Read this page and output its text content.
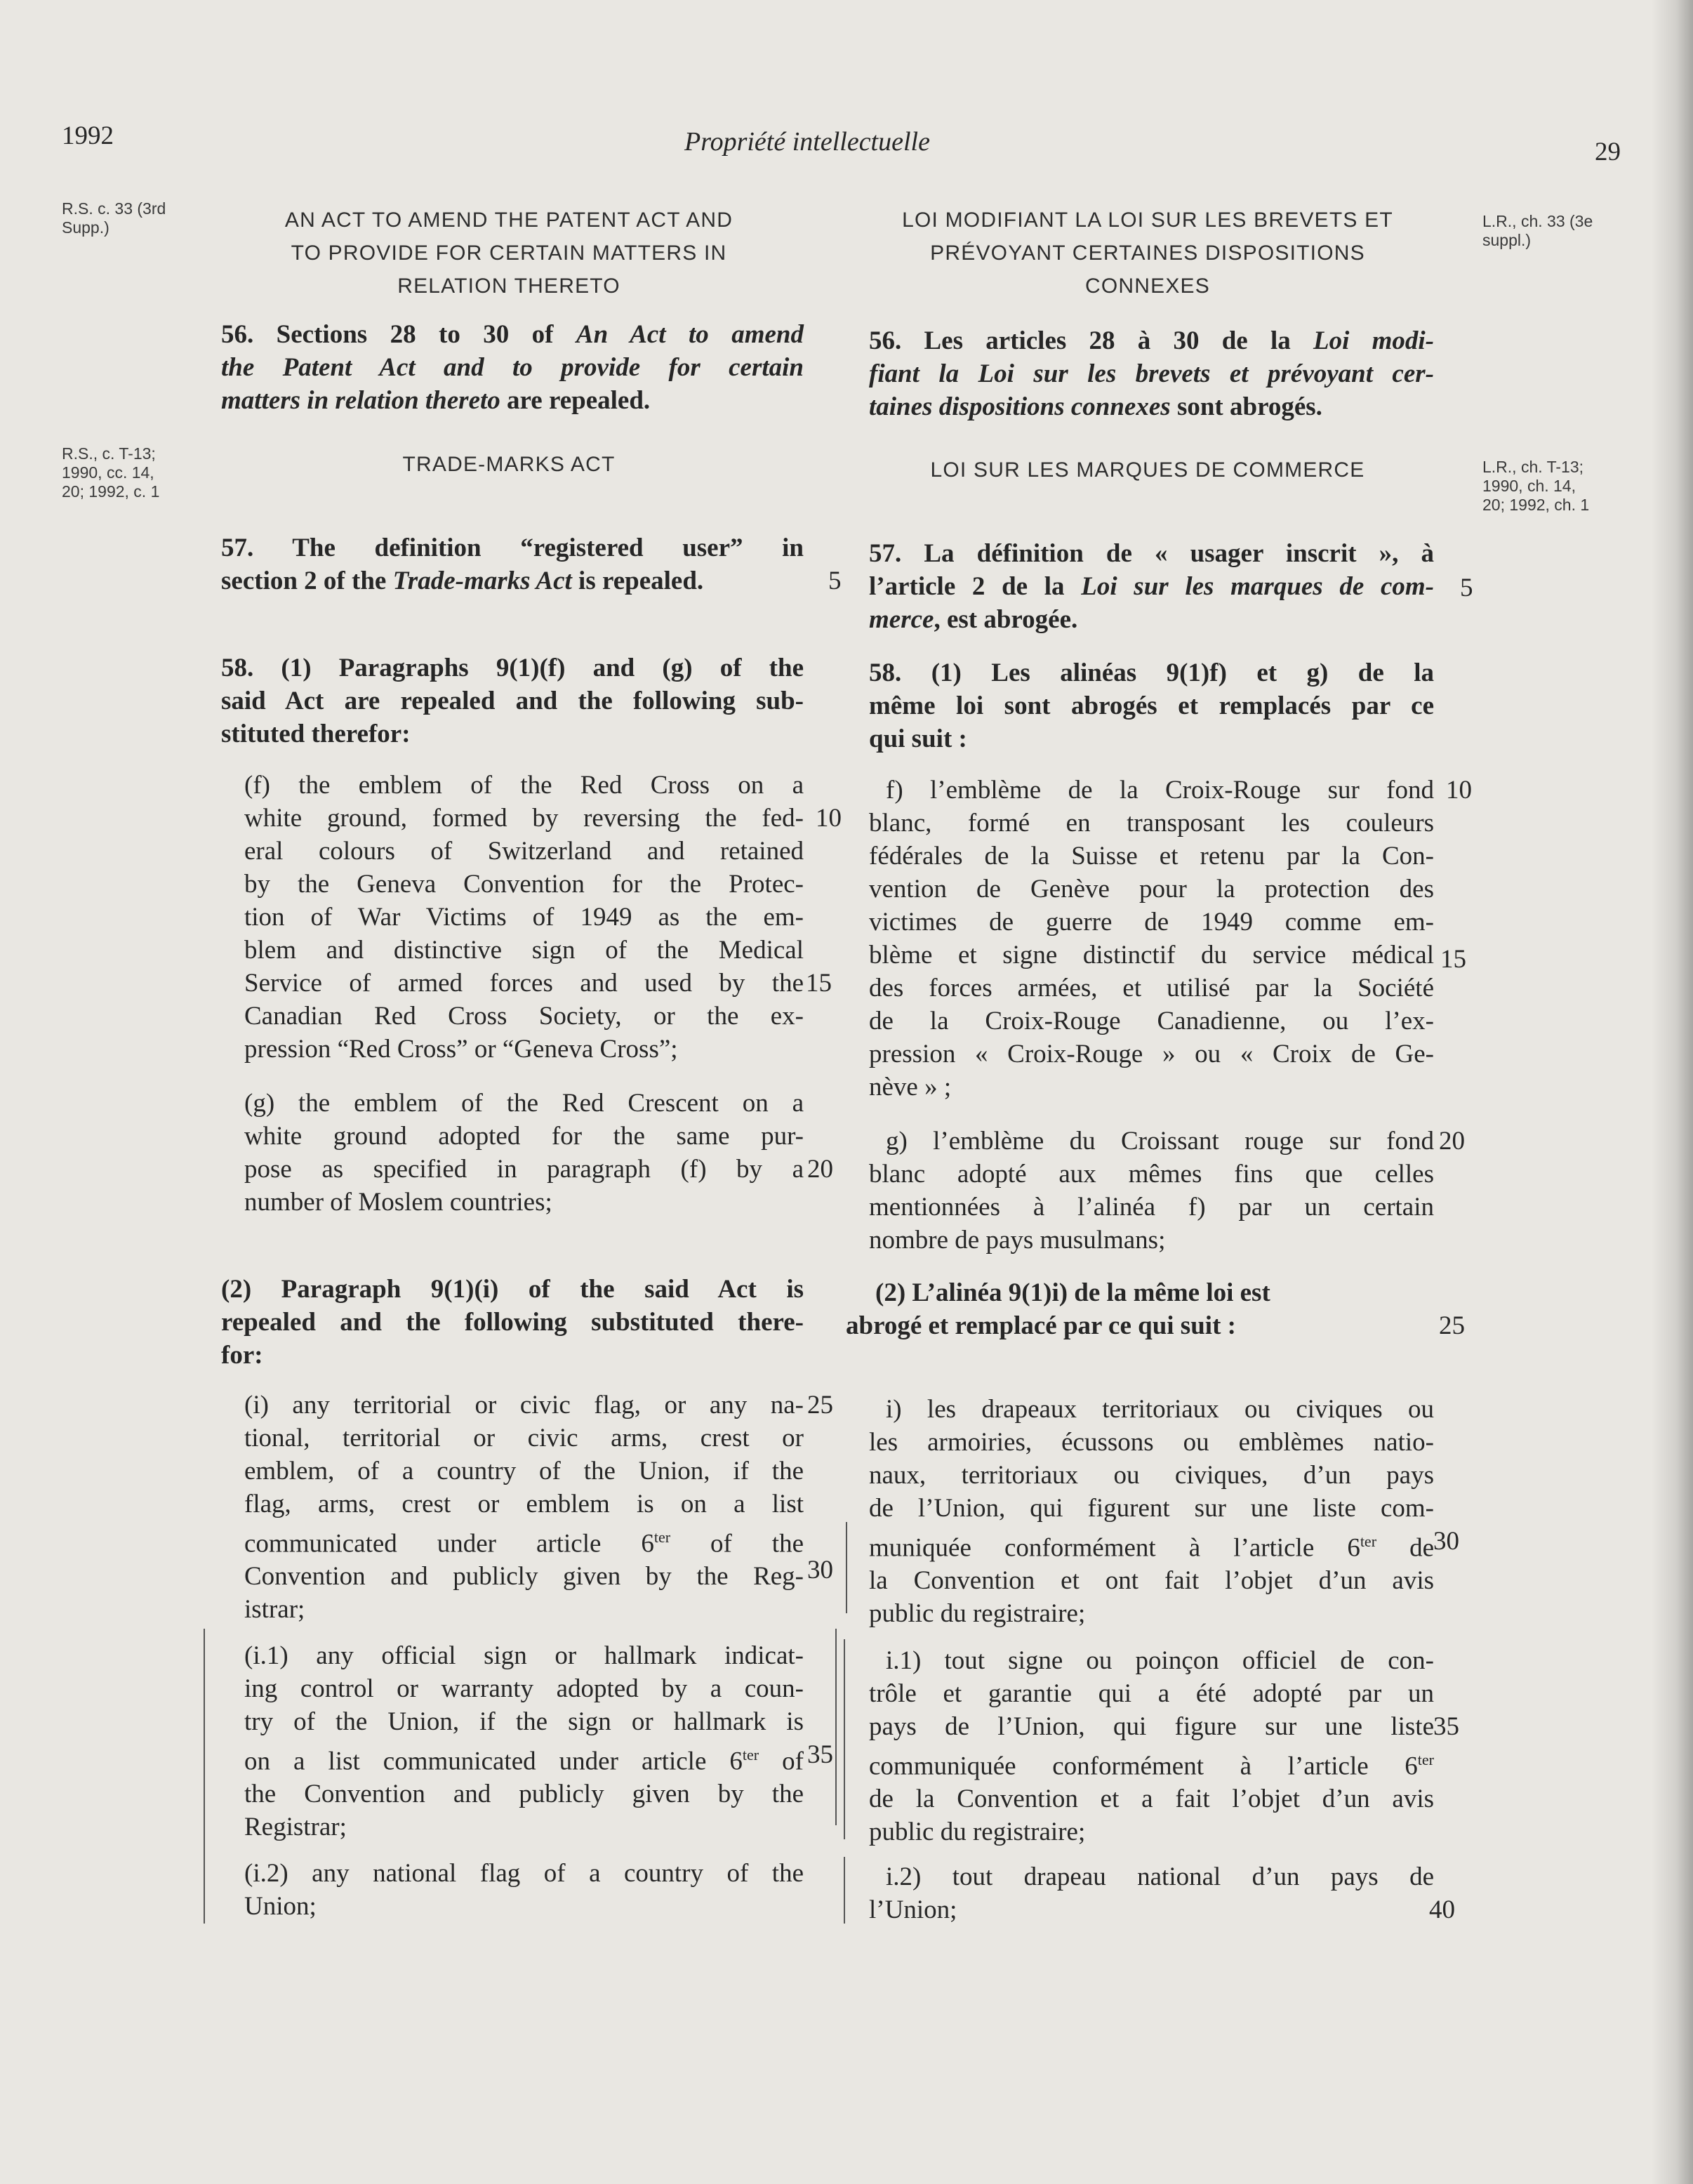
1992	Propriété intellectuelle	29
R.S. c. 33 (3rd
Supp.)
R.S., c. T-13;
1990, cc. 14,
20; 1992, c. 1
L.R., ch. 33 (3e
suppl.)
L.R., ch. T-13;
1990, ch. 14,
20; 1992, ch. 1
AN ACT TO AMEND THE PATENT ACT AND
TO PROVIDE FOR CERTAIN MATTERS IN
RELATION THERETO
56. Sections 28 to 30 of An Act to amend
the Patent Act and to provide for certain
matters in relation thereto are repealed.
TRADE-MARKS ACT
57. The definition “registered user” in
section 2 of the Trade-marks Act is repealed.
58. (1) Paragraphs 9(1)(f) and (g) of the
said Act are repealed and the following sub-
stituted therefor:
(f) the emblem of the Red Cross on a
white ground, formed by reversing the fed-
eral colours of Switzerland and retained
by the Geneva Convention for the Protec-
tion of War Victims of 1949 as the em-
blem and distinctive sign of the Medical
Service of armed forces and used by the
Canadian Red Cross Society, or the ex-
pression “Red Cross” or “Geneva Cross”;
(g) the emblem of the Red Crescent on a
white ground adopted for the same pur-
pose as specified in paragraph (f) by a
number of Moslem countries;
(2) Paragraph 9(1)(i) of the said Act is
repealed and the following substituted there-
for:
(i) any territorial or civic flag, or any na-
tional, territorial or civic arms, crest or
emblem, of a country of the Union, if the
flag, arms, crest or emblem is on a list
communicated under article $6^{ter}$ of the
Convention and publicly given by the Reg-
istrar;
(i.1) any official sign or hallmark indicat-
ing control or warranty adopted by a coun-
try of the Union, if the sign or hallmark is
on a list communicated under article $6^{ter}$ of
the Convention and publicly given by the
Registrar;
(i.2) any national flag of a country of the
Union;
5
10
15
20
25
30
35
LOI MODIFIANT LA LOI SUR LES BREVETS ET
PRÉVOYANT CERTAINES DISPOSITIONS
CONNEXES
56. Les articles 28 à 30 de la Loi modi-
fiant la Loi sur les brevets et prévoyant cer-
taines dispositions connexes sont abrogés.
LOI SUR LES MARQUES DE COMMERCE
57. La définition de « usager inscrit », à
l’article 2 de la Loi sur les marques de com-
merce, est abrogée.
58. (1) Les alinéas 9(1)f) et g) de la
même loi sont abrogés et remplacés par ce
qui suit :
f) l’emblème de la Croix-Rouge sur fond
blanc, formé en transposant les couleurs
fédérales de la Suisse et retenu par la Con-
vention de Genève pour la protection des
victimes de guerre de 1949 comme em-
blème et signe distinctif du service médical
des forces armées, et utilisé par la Société
de la Croix-Rouge Canadienne, ou l’ex-
pression « Croix-Rouge » ou « Croix de Ge-
nève » ;
g) l’emblème du Croissant rouge sur fond
blanc adopté aux mêmes fins que celles
mentionnées à l’alinéa f) par un certain
nombre de pays musulmans;
(2) L’alinéa 9(1)i) de la même loi est
abrogé et remplacé par ce qui suit :
i) les drapeaux territoriaux ou civiques ou
les armoiries, écussons ou emblèmes natio-
naux, territoriaux ou civiques, d’un pays
de l’Union, qui figurent sur une liste com-
muniquée conformément à l’article $6^{ter}$ de
la Convention et ont fait l’objet d’un avis
public du registraire;
i.1) tout signe ou poinçon officiel de con-
trôle et garantie qui a été adopté par un
pays de l’Union, qui figure sur une liste
communiquée conformément à l’article $6^{ter}$
de la Convention et a fait l’objet d’un avis
public du registraire;
i.2) tout drapeau national d’un pays de
l’Union;
5
10
15
20
25
30
35
40
